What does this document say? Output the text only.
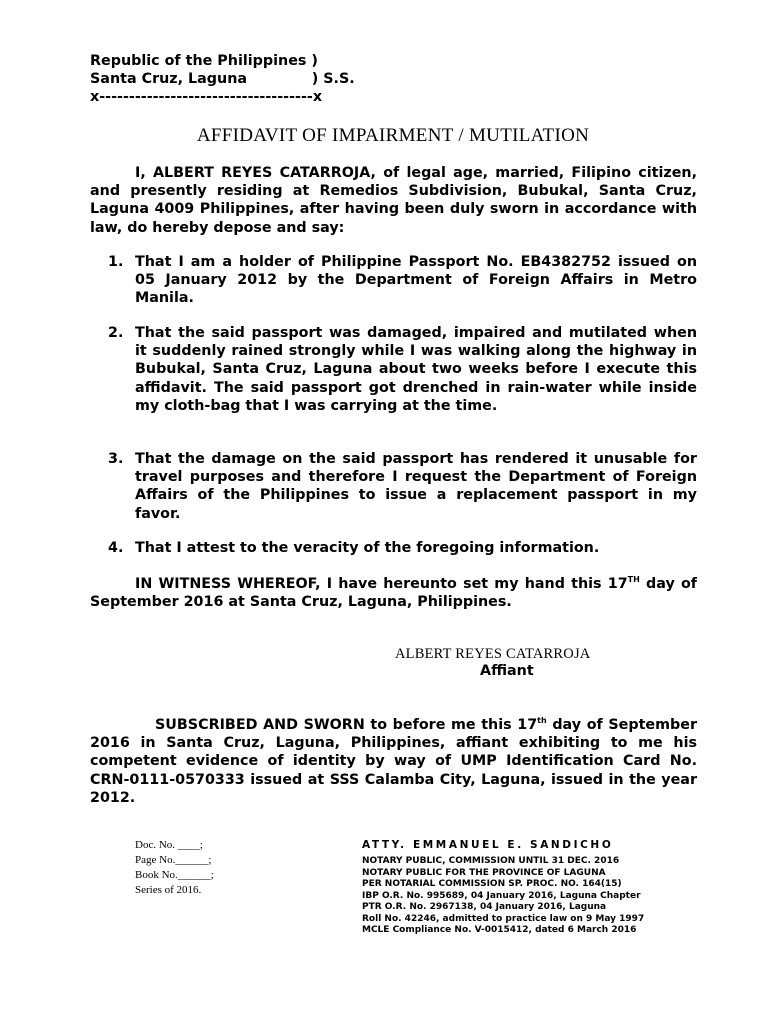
Republic of the Philippines )
Santa Cruz, Laguna             ) S.S.
x------------------------------------x
AFFIDAVIT OF IMPAIRMENT / MUTILATION

I, ALBERT REYES CATARROJA, of legal age, married, Filipino citizen, and presently residing at Remedios Subdivision, Bubukal, Santa Cruz, Laguna 4009 Philippines, after having been duly sworn in accordance with law, do hereby depose and say:

1. That I am a holder of Philippine Passport No. EB4382752 issued on 05 January 2012 by the Department of Foreign Affairs in Metro Manila.
2. That the said passport was damaged, impaired and mutilated when it suddenly rained strongly while I was walking along the highway in Bubukal, Santa Cruz, Laguna about two weeks before I execute this affidavit. The said passport got drenched in rain-water while inside my cloth-bag that I was carrying at the time.
3. That the damage on the said passport has rendered it unusable for travel purposes and therefore I request the Department of Foreign Affairs of the Philippines to issue a replacement passport in my favor.
4. That I attest to the veracity of the foregoing information.

IN WITNESS WHEREOF, I have hereunto set my hand this 17TH day of September 2016 at Santa Cruz, Laguna, Philippines.

ALBERT REYES CATARROJA
Affiant

SUBSCRIBED AND SWORN to before me this 17th day of September 2016 in Santa Cruz, Laguna, Philippines, affiant exhibiting to me his competent evidence of identity by way of UMP Identification Card No. CRN-0111-0570333 issued at SSS Calamba City, Laguna, issued in the year 2012.

Doc. No. ____;
Page No.______;
Book No.______;
Series of 2016.
ATTY. EMMANUEL E. SANDICHO
NOTARY PUBLIC, COMMISSION UNTIL 31 DEC. 2016
NOTARY PUBLIC FOR THE PROVINCE OF LAGUNA
PER NOTARIAL COMMISSION SP. PROC. NO. 164(15)
IBP O.R. No. 995689, 04 January 2016, Laguna Chapter
PTR O.R. No. 2967138, 04 January 2016, Laguna
Roll No. 42246, admitted to practice law on 9 May 1997
MCLE Compliance No. V-0015412, dated 6 March 2016
